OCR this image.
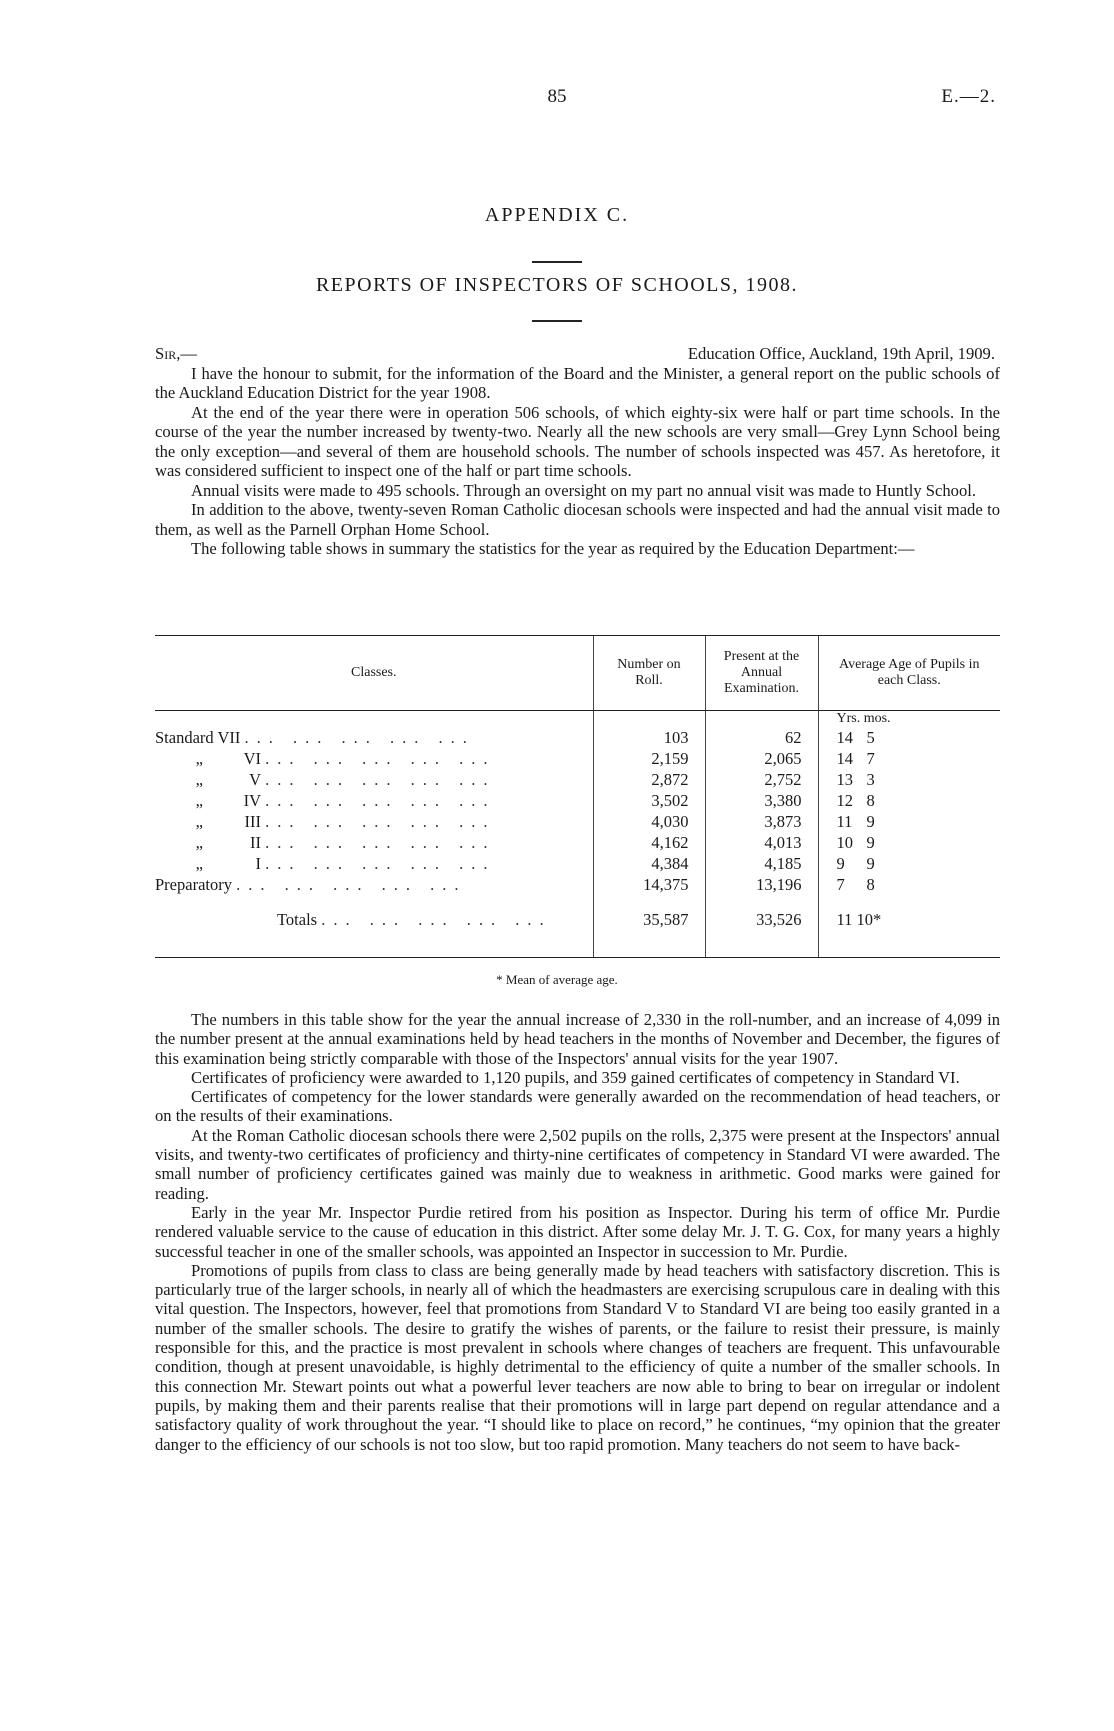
85	E.—2.
APPENDIX C.
REPORTS OF INSPECTORS OF SCHOOLS, 1908.
Sir,—	Education Office, Auckland, 19th April, 1909.

I have the honour to submit, for the information of the Board and the Minister, a general report on the public schools of the Auckland Education District for the year 1908.

At the end of the year there were in operation 506 schools, of which eighty-six were half or part time schools. In the course of the year the number increased by twenty-two. Nearly all the new schools are very small—Grey Lynn School being the only exception—and several of them are household schools. The number of schools inspected was 457. As heretofore, it was considered sufficient to inspect one of the half or part time schools.

Annual visits were made to 495 schools. Through an oversight on my part no annual visit was made to Huntly School.

In addition to the above, twenty-seven Roman Catholic diocesan schools were inspected and had the annual visit made to them, as well as the Parnell Orphan Home School.

The following table shows in summary the statistics for the year as required by the Education Department:—

Classes.	Number on Roll.	Present at the Annual Examination.	Average Age of Pupils in each Class.
			Yrs. mos.
Standard VII ... ... ... ... ...	103	62	14 5
„ VI ... ... ... ... ...	2,159	2,065	14 7
„ V ... ... ... ... ...	2,872	2,752	13 3
„ IV ... ... ... ... ...	3,502	3,380	12 8
„ III ... ... ... ... ...	4,030	3,873	11 9
„ II ... ... ... ... ...	4,162	4,013	10 9
„ I ... ... ... ... ...	4,384	4,185	9 9
Preparatory ... ... ... ... ...	14,375	13,196	7 8
Totals ... ... ... ... ...	35,587	33,526	11 10*

* Mean of average age.

The numbers in this table show for the year the annual increase of 2,330 in the roll-number, and an increase of 4,099 in the number present at the annual examinations held by head teachers in the months of November and December, the figures of this examination being strictly comparable with those of the Inspectors' annual visits for the year 1907.

Certificates of proficiency were awarded to 1,120 pupils, and 359 gained certificates of competency in Standard VI.

Certificates of competency for the lower standards were generally awarded on the recommendation of head teachers, or on the results of their examinations.

At the Roman Catholic diocesan schools there were 2,502 pupils on the rolls, 2,375 were present at the Inspectors' annual visits, and twenty-two certificates of proficiency and thirty-nine certificates of competency in Standard VI were awarded. The small number of proficiency certificates gained was mainly due to weakness in arithmetic. Good marks were gained for reading.

Early in the year Mr. Inspector Purdie retired from his position as Inspector. During his term of office Mr. Purdie rendered valuable service to the cause of education in this district. After some delay Mr. J. T. G. Cox, for many years a highly successful teacher in one of the smaller schools, was appointed an Inspector in succession to Mr. Purdie.

Promotions of pupils from class to class are being generally made by head teachers with satisfactory discretion. This is particularly true of the larger schools, in nearly all of which the headmasters are exercising scrupulous care in dealing with this vital question. The Inspectors, however, feel that promotions from Standard V to Standard VI are being too easily granted in a number of the smaller schools. The desire to gratify the wishes of parents, or the failure to resist their pressure, is mainly responsible for this, and the practice is most prevalent in schools where changes of teachers are frequent. This unfavourable condition, though at present unavoidable, is highly detrimental to the efficiency of quite a number of the smaller schools. In this connection Mr. Stewart points out what a powerful lever teachers are now able to bring to bear on irregular or indolent pupils, by making them and their parents realise that their promotions will in large part depend on regular attendance and a satisfactory quality of work throughout the year. “I should like to place on record,” he continues, “my opinion that the greater danger to the efficiency of our schools is not too slow, but too rapid promotion. Many teachers do not seem to have back-
